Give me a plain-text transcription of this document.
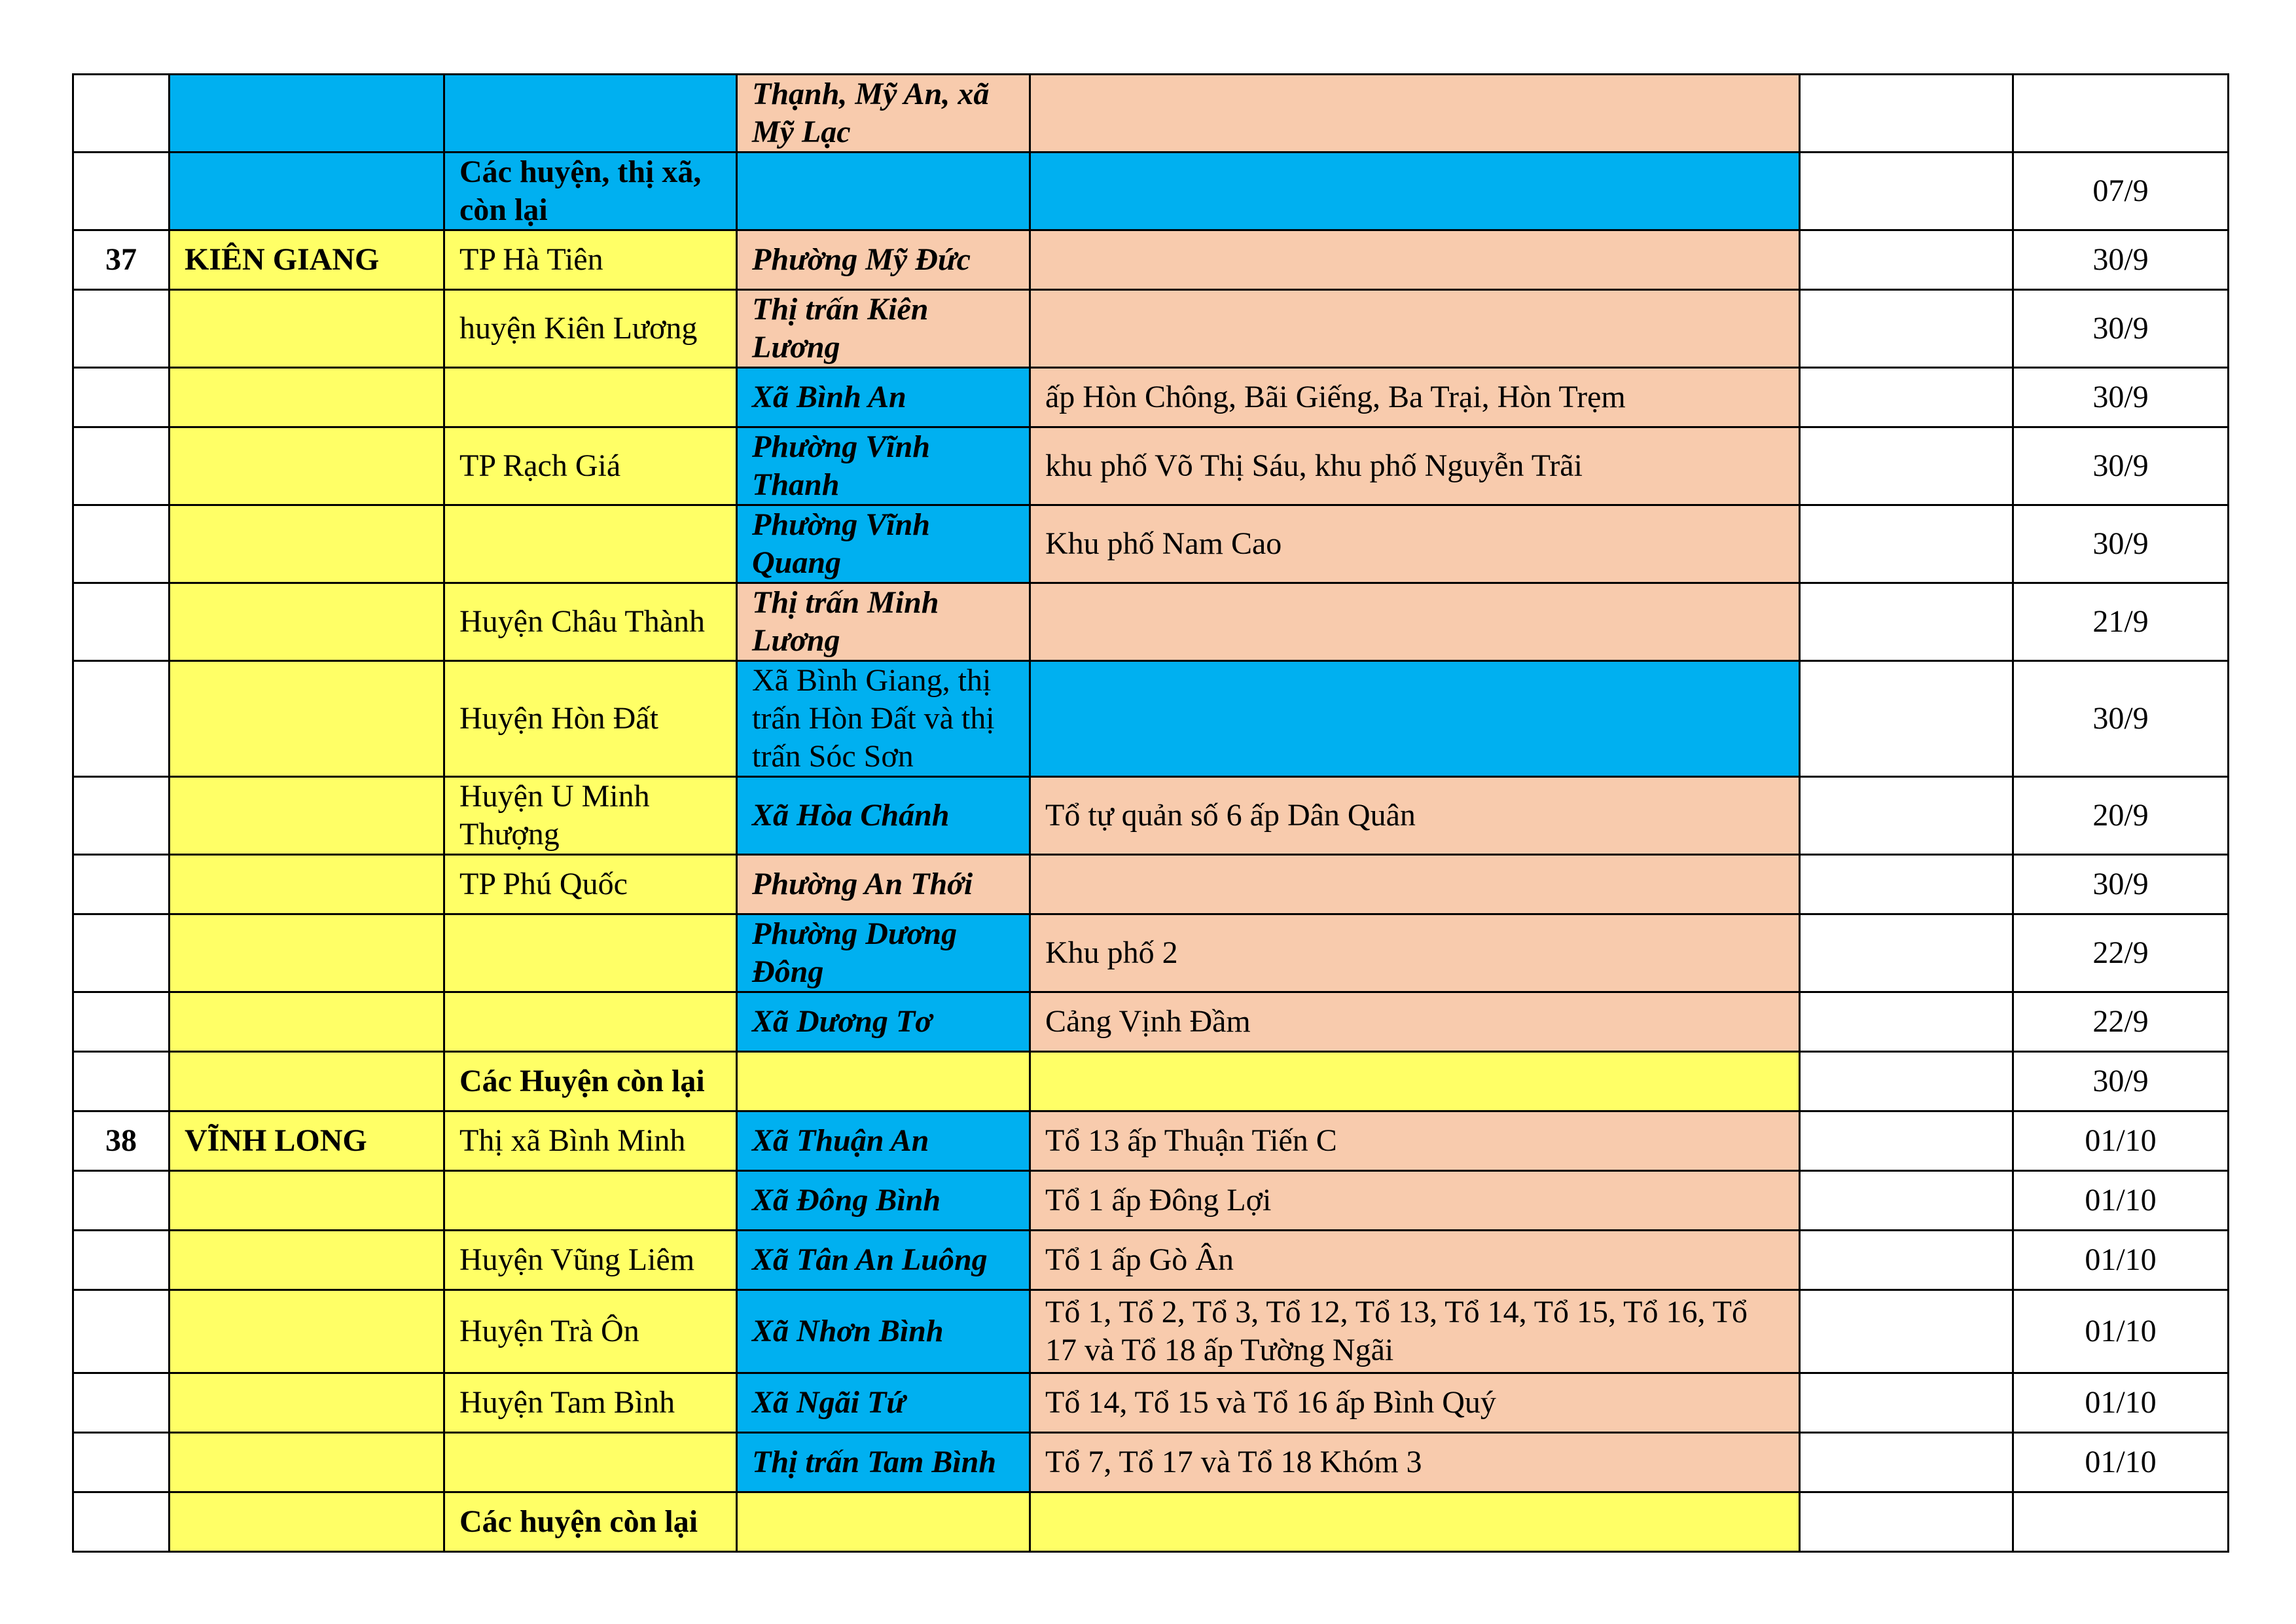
			Thạnh, Mỹ An, xã Mỹ Lạc			
		Các huyện, thị xã, còn lại				07/9
37	KIÊN GIANG	TP Hà Tiên	Phường Mỹ Đức			30/9
		huyện Kiên Lương	Thị trấn Kiên Lương			30/9
			Xã Bình An	ấp Hòn Chông, Bãi Giếng, Ba Trại, Hòn Trẹm		30/9
		TP Rạch Giá	Phường Vĩnh Thanh	khu phố Võ Thị Sáu, khu phố Nguyễn Trãi		30/9
			Phường Vĩnh Quang	Khu phố Nam Cao		30/9
		Huyện Châu Thành	Thị trấn Minh Lương			21/9
		Huyện Hòn Đất	Xã Bình Giang, thị trấn Hòn Đất và thị trấn Sóc Sơn			30/9
		Huyện U Minh Thượng	Xã Hòa Chánh	Tổ tự quản số 6 ấp Dân Quân		20/9
		TP Phú Quốc	Phường An Thới			30/9
			Phường Dương Đông	Khu phố 2		22/9
			Xã Dương Tơ	Cảng Vịnh Đầm		22/9
		Các Huyện còn lại				30/9
38	VĨNH LONG	Thị xã Bình Minh	Xã Thuận An	Tổ 13 ấp Thuận Tiến C		01/10
			Xã Đông Bình	Tổ 1 ấp Đông Lợi		01/10
		Huyện Vũng Liêm	Xã Tân An Luông	Tổ 1 ấp Gò Ân		01/10
		Huyện Trà Ôn	Xã Nhơn Bình	Tổ 1, Tổ 2, Tổ 3, Tổ 12, Tổ 13, Tổ 14, Tổ 15, Tổ 16, Tổ 17 và Tổ 18 ấp Tường Ngãi		01/10
		Huyện Tam Bình	Xã Ngãi Tứ	Tổ 14, Tổ 15 và Tổ 16 ấp Bình Quý		01/10
			Thị trấn Tam Bình	Tổ 7, Tổ 17 và Tổ 18 Khóm 3		01/10
		Các huyện còn lại				
